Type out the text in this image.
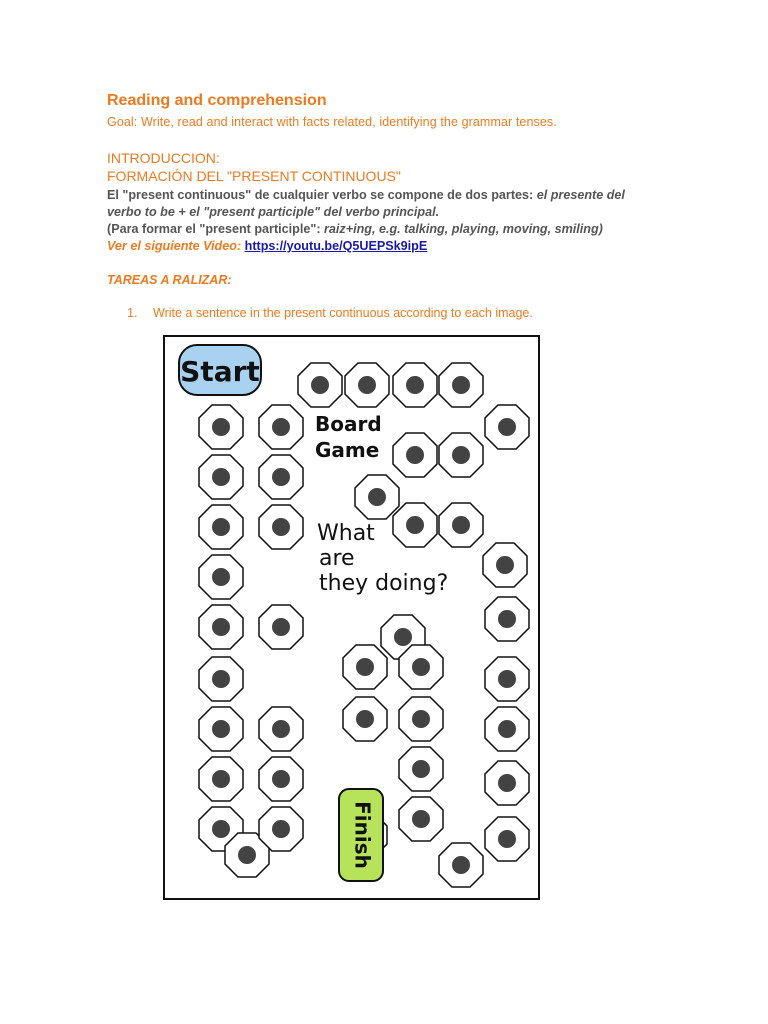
Reading and comprehension

Goal: Write, read and interact with facts related, identifying the grammar tenses.

INTRODUCCION:

FORMACIÓN DEL "PRESENT CONTINUOUS"

El "present continuous" de cualquier verbo se compone de dos partes: el presente del

verbo to be + el "present participle" del verbo principal.

(Para formar el "present participle": raiz+ing, e.g. talking, playing, moving, smiling)

Ver el siguiente Video: https://youtu.be/Q5UEPSk9ipE

TAREAS A RALIZAR:

1. Write a sentence in the present continuous according to each image.

Start
Finish
Board
Game
What
are
they doing?
